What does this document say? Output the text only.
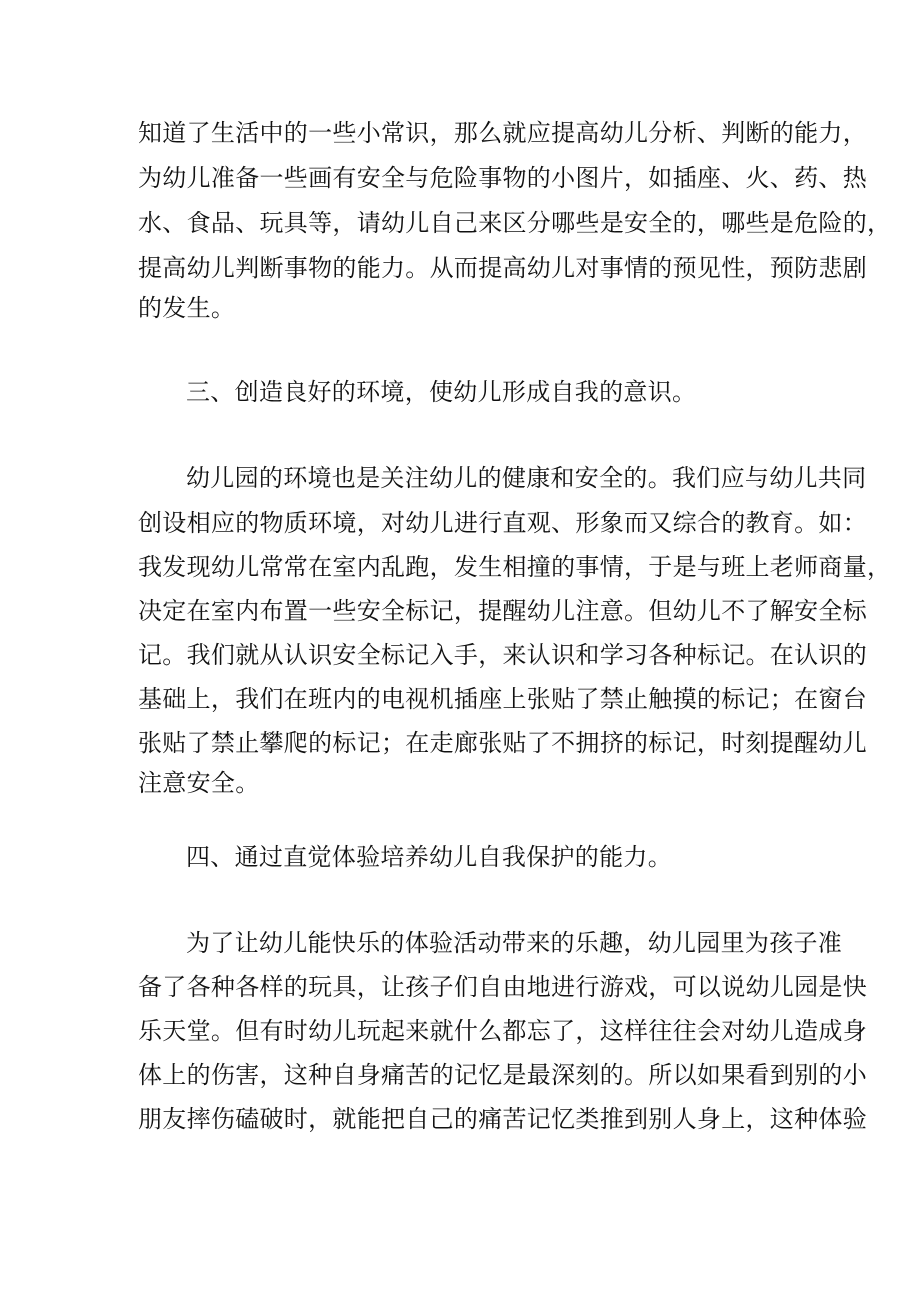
知道了生活中的一些小常识，那么就应提高幼儿分析、判断的能力，
为幼儿准备一些画有安全与危险事物的小图片，如插座、火、药、热
水、食品、玩具等，请幼儿自己来区分哪些是安全的，哪些是危险的，
提高幼儿判断事物的能力。从而提高幼儿对事情的预见性，预防悲剧
的发生。
三、创造良好的环境，使幼儿形成自我的意识。
幼儿园的环境也是关注幼儿的健康和安全的。我们应与幼儿共同
创设相应的物质环境，对幼儿进行直观、形象而又综合的教育。如：
我发现幼儿常常在室内乱跑，发生相撞的事情，于是与班上老师商量，
决定在室内布置一些安全标记，提醒幼儿注意。但幼儿不了解安全标
记。我们就从认识安全标记入手，来认识和学习各种标记。在认识的
基础上，我们在班内的电视机插座上张贴了禁止触摸的标记；在窗台
张贴了禁止攀爬的标记；在走廊张贴了不拥挤的标记，时刻提醒幼儿
注意安全。
四、通过直觉体验培养幼儿自我保护的能力。
为了让幼儿能快乐的体验活动带来的乐趣，幼儿园里为孩子准
备了各种各样的玩具，让孩子们自由地进行游戏，可以说幼儿园是快
乐天堂。但有时幼儿玩起来就什么都忘了，这样往往会对幼儿造成身
体上的伤害，这种自身痛苦的记忆是最深刻的。所以如果看到别的小
朋友摔伤磕破时，就能把自己的痛苦记忆类推到别人身上，这种体验
